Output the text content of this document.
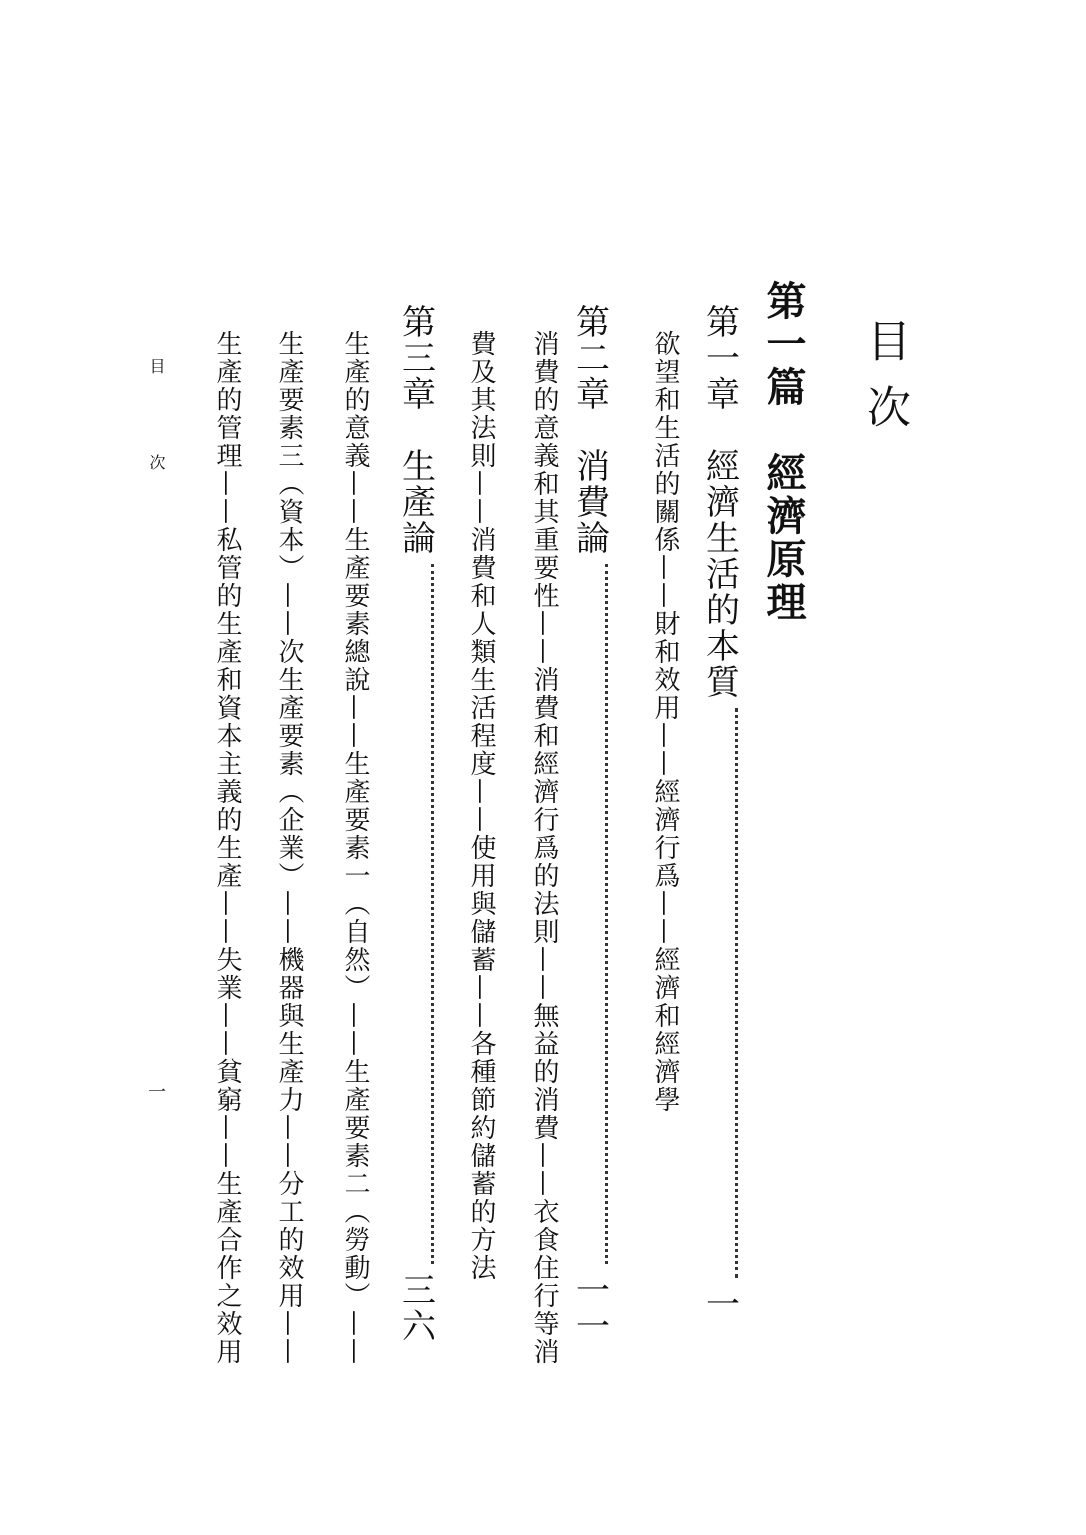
目次
第一篇　經濟原理
第一章　經濟生活的本質一
欲望和生活的關係——財和效用——經濟行爲——經濟和經濟學
第二章　消費論一一
消費的意義和其重要性——消費和經濟行爲的法則——無益的消費——衣食住行等消
費及其法則——消費和人類生活程度——使用與儲蓄——各種節約儲蓄的方法
第三章　生產論三六
生產的意義——生產要素總說——生產要素一（自然）——生產要素二（勞動）——
生產要素三（資本）——次生產要素（企業）——機器與生產力——分工的效用——
生產的管理——私管的生產和資本主義的生產——失業——貧窮——生產合作之效用
目次
一
